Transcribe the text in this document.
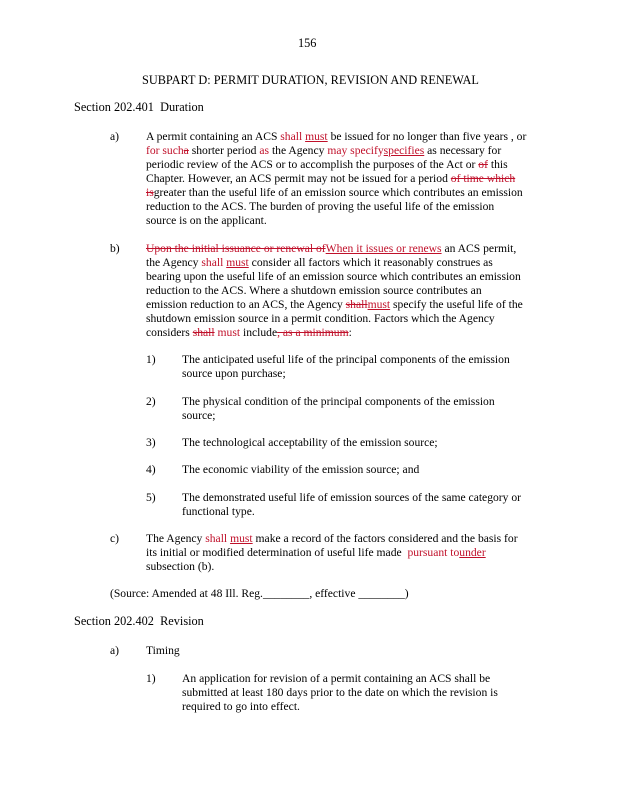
156
SUBPART D: PERMIT DURATION, REVISION AND RENEWAL
Section 202.401 Duration
a) A permit containing an ACS shall must be issued for no longer than five years , or
for sucha shorter period as the Agency may specifyspecifies as necessary for
periodic review of the ACS or to accomplish the purposes of the Act or of this
Chapter. However, an ACS permit may not be issued for a period of time which
isgreater than the useful life of an emission source which contributes an emission
reduction to the ACS. The burden of proving the useful life of the emission
source is on the applicant.
b) Upon the initial issuance or renewal ofWhen it issues or renews an ACS permit,
the Agency shall must consider all factors which it reasonably construes as
bearing upon the useful life of an emission source which contributes an emission
reduction to the ACS. Where a shutdown emission source contributes an
emission reduction to an ACS, the Agency shallmust specify the useful life of the
shutdown emission source in a permit condition. Factors which the Agency
considers shall must include, as a minimum:
1) The anticipated useful life of the principal components of the emission
source upon purchase;
2) The physical condition of the principal components of the emission
source;
3) The technological acceptability of the emission source;
4) The economic viability of the emission source; and
5) The demonstrated useful life of emission sources of the same category or
functional type.
c) The Agency shall must make a record of the factors considered and the basis for
its initial or modified determination of useful life made pursuant tounder
subsection (b).
(Source: Amended at 48 Ill. Reg.________, effective ________)
Section 202.402 Revision
a) Timing
1) An application for revision of a permit containing an ACS shall be
submitted at least 180 days prior to the date on which the revision is
required to go into effect.
